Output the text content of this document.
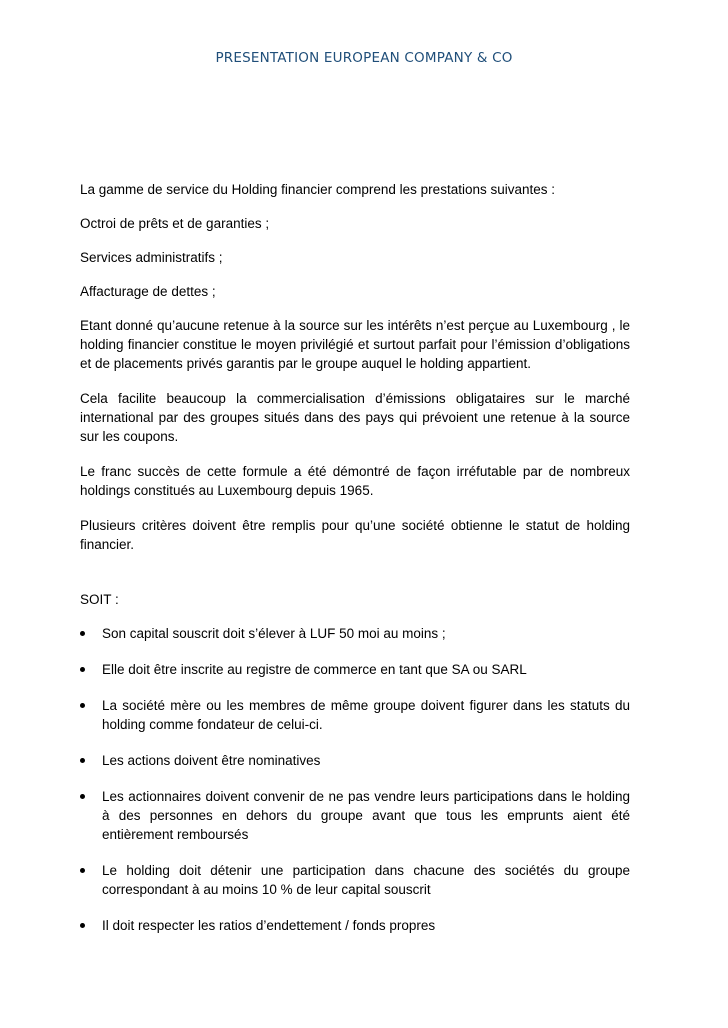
PRESENTATION EUROPEAN COMPANY & CO

La gamme de service du Holding financier comprend les prestations suivantes :

Octroi de prêts et de garanties ;

Services administratifs ;

Affacturage de dettes ;

Etant donné qu’aucune retenue à la source sur les intérêts n’est perçue au Luxembourg , le holding financier constitue le moyen privilégié et surtout parfait pour l’émission d’obligations et de placements privés garantis par le groupe auquel le holding appartient.

Cela facilite beaucoup la commercialisation d’émissions obligataires sur le marché international par des groupes situés dans des pays qui prévoient une retenue à la source sur les coupons.

Le franc succès de cette formule a été démontré de façon irréfutable par de nombreux holdings constitués au Luxembourg depuis 1965.

Plusieurs critères doivent être remplis pour qu’une société obtienne le statut de holding financier.

SOIT :

Son capital souscrit doit s’élever à LUF 50 moi au moins ;
Elle doit être inscrite au registre de commerce en tant que SA ou SARL
La société mère ou les membres de même groupe doivent figurer dans les statuts du holding comme fondateur de celui-ci.
Les actions doivent être nominatives
Les actionnaires doivent convenir de ne pas vendre leurs participations dans le holding à des personnes en dehors du groupe avant que tous les emprunts aient été entièrement remboursés
Le holding doit détenir une participation dans chacune des sociétés du groupe correspondant à au moins 10 % de leur capital souscrit
Il doit respecter les ratios d’endettement / fonds propres
